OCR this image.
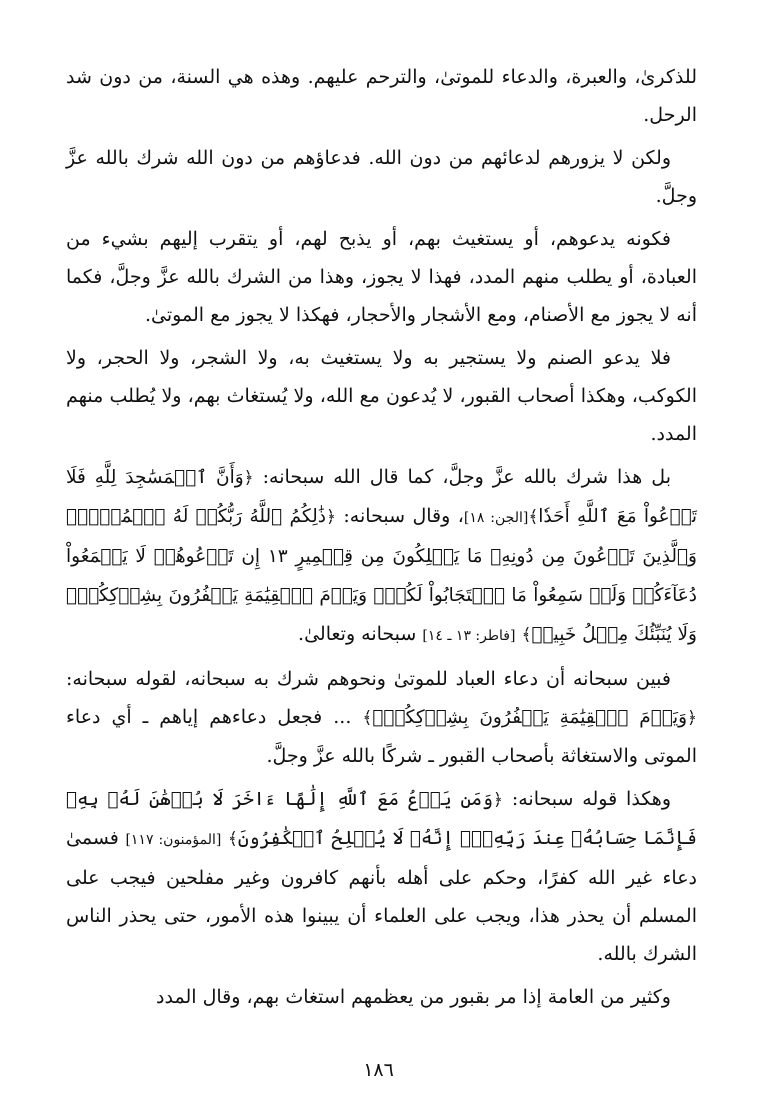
للذكرىٰ، والعبرة، والدعاء للموتىٰ، والترحم عليهم. وهذه هي السنة، من دون شد الرحل.

ولكن لا يزورهم لدعائهم من دون الله. فدعاؤهم من دون الله شرك بالله عزَّ وجلَّ.

فكونه يدعوهم، أو يستغيث بهم، أو يذبح لهم، أو يتقرب إليهم بشيء من العبادة، أو يطلب منهم المدد، فهذا لا يجوز، وهذا من الشرك بالله عزَّ وجلَّ، فكما أنه لا يجوز مع الأصنام، ومع الأشجار والأحجار، فهكذا لا يجوز مع الموتىٰ.

فلا يدعو الصنم ولا يستجير به ولا يستغيث به، ولا الشجر، ولا الحجر، ولا الكوكب، وهكذا أصحاب القبور، لا يُدعون مع الله، ولا يُستغاث بهم، ولا يُطلب منهم المدد.

بل هذا شرك بالله عزَّ وجلَّ، كما قال الله سبحانه: ﴿وَأَنَّ ٱلۡمَسَٰجِدَ لِلَّهِ فَلَا تَدۡعُواْ مَعَ ٱللَّهِ أَحَدٗا﴾[الجن: ١٨]، وقال سبحانه: ﴿ذَٰلِكُمُ ٱللَّهُ رَبُّكُمۡ لَهُ ٱلۡمُلۡكُۚ وَٱلَّذِينَ تَدۡعُونَ مِن دُونِهِۦ مَا يَمۡلِكُونَ مِن قِطۡمِيرٍ ١٣ إِن تَدۡعُوهُمۡ لَا يَسۡمَعُواْ دُعَآءَكُمۡ وَلَوۡ سَمِعُواْ مَا ٱسۡتَجَابُواْ لَكُمۡۖ وَيَوۡمَ ٱلۡقِيَٰمَةِ يَكۡفُرُونَ بِشِرۡكِكُمۡۚ وَلَا يُنَبِّئُكَ مِثۡلُ خَبِيرٖ﴾ [فاطر: ١٣ ـ ١٤] سبحانه وتعالىٰ.

فبين سبحانه أن دعاء العباد للموتىٰ ونحوهم شرك به سبحانه، لقوله سبحانه: ﴿وَيَوۡمَ ٱلۡقِيَٰمَةِ يَكۡفُرُونَ بِشِرۡكِكُمۡۚ﴾ ... فجعل دعاءهم إياهم ـ أي دعاء الموتى والاستغاثة بأصحاب القبور ـ شركًا بالله عزَّ وجلَّ.

وهكذا قوله سبحانه: ﴿وَمَن يَدۡعُ مَعَ ٱللَّهِ إِلَٰهًا ءَاخَرَ لَا بُرۡهَٰنَ لَهُۥ بِهِۦ فَإِنَّمَا حِسَابُهُۥ عِندَ رَبِّهِۦٓۚ إِنَّهُۥ لَا يُفۡلِحُ ٱلۡكَٰفِرُونَ﴾ [المؤمنون: ١١٧] فسمىٰ دعاء غير الله كفرًا، وحكم على أهله بأنهم كافرون وغير مفلحين فيجب على المسلم أن يحذر هذا، ويجب على العلماء أن يبينوا هذه الأمور، حتى يحذر الناس الشرك بالله.

وكثير من العامة إذا مر بقبور من يعظمهم استغاث بهم، وقال المدد

١٨٦
